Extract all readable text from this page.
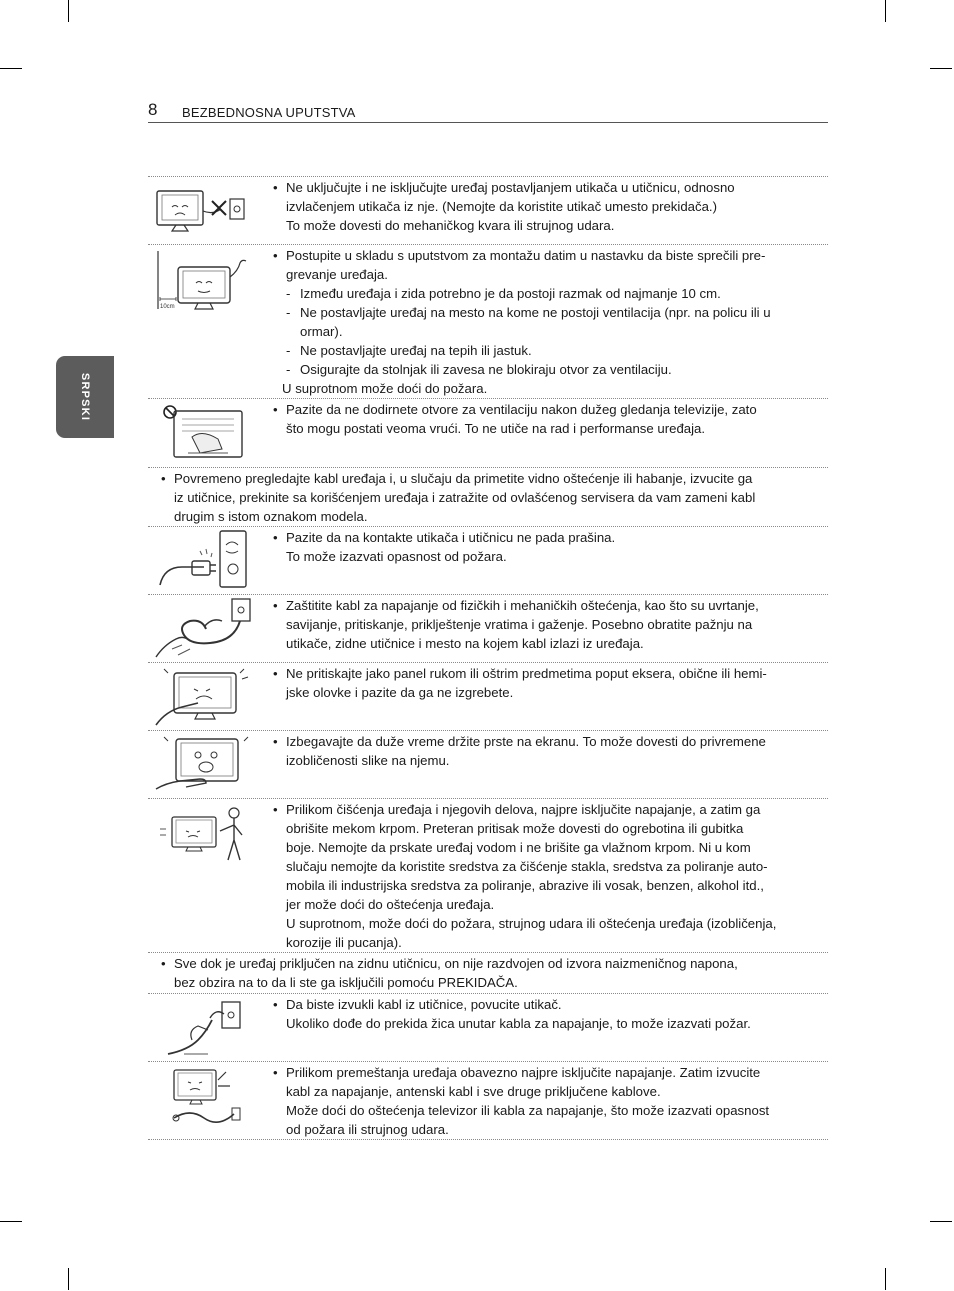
8 BEZBEDNOSNA UPUTSTVA
SRPSKI
• Ne uključujte i ne isključujte uređaj postavljanjem utikača u utičnicu, odnosno
izvlačenjem utikača iz nje. (Nemojte da koristite utikač umesto prekidača.)
To može dovesti do mehaničkog kvara ili strujnog udara.
10cm
• Postupite u skladu s uputstvom za montažu datim u nastavku da biste sprečili pre-
grevanje uređaja.
- Između uređaja i zida potrebno je da postoji razmak od najmanje 10 cm.
- Ne postavljajte uređaj na mesto na kome ne postoji ventilacija (npr. na policu ili u
ormar).
- Ne postavljajte uređaj na tepih ili jastuk.
- Osigurajte da stolnjak ili zavesa ne blokiraju otvor za ventilaciju.
U suprotnom može doći do požara.
• Pazite da ne dodirnete otvore za ventilaciju nakon dužeg gledanja televizije, zato
što mogu postati veoma vrući. To ne utiče na rad i performanse uređaja.
• Povremeno pregledajte kabl uređaja i, u slučaju da primetite vidno oštećenje ili habanje, izvucite ga
iz utičnice, prekinite sa korišćenjem uređaja i zatražite od ovlašćenog servisera da vam zameni kabl
drugim s istom oznakom modela.
• Pazite da na kontakte utikača i utičnicu ne pada prašina.
To može izazvati opasnost od požara.
• Zaštitite kabl za napajanje od fizičkih i mehaničkih oštećenja, kao što su uvrtanje,
savijanje, pritiskanje, priklještenje vratima i gaženje. Posebno obratite pažnju na
utikače, zidne utičnice i mesto na kojem kabl izlazi iz uređaja.
• Ne pritiskajte jako panel rukom ili oštrim predmetima poput eksera, obične ili hemi-
jske olovke i pazite da ga ne izgrebete.
• Izbegavajte da duže vreme držite prste na ekranu. To može dovesti do privremene
izobličenosti slike na njemu.
• Prilikom čišćenja uređaja i njegovih delova, najpre isključite napajanje, a zatim ga
obrišite mekom krpom. Preteran pritisak može dovesti do ogrebotina ili gubitka
boje. Nemojte da prskate uređaj vodom i ne brišite ga vlažnom krpom. Ni u kom
slučaju nemojte da koristite sredstva za čišćenje stakla, sredstva za poliranje auto-
mobila ili industrijska sredstva za poliranje, abrazive ili vosak, benzen, alkohol itd.,
jer može doći do oštećenja uređaja.
U suprotnom, može doći do požara, strujnog udara ili oštećenja uređaja (izobličenja,
korozije ili pucanja).
• Sve dok je uređaj priključen na zidnu utičnicu, on nije razdvojen od izvora naizmeničnog napona,
bez obzira na to da li ste ga isključili pomoću PREKIDAČA.
• Da biste izvukli kabl iz utičnice, povucite utikač.
Ukoliko dođe do prekida žica unutar kabla za napajanje, to može izazvati požar.
• Prilikom premeštanja uređaja obavezno najpre isključite napajanje. Zatim izvucite
kabl za napajanje, antenski kabl i sve druge priključene kablove.
Može doći do oštećenja televizor ili kabla za napajanje, što može izazvati opasnost
od požara ili strujnog udara.
